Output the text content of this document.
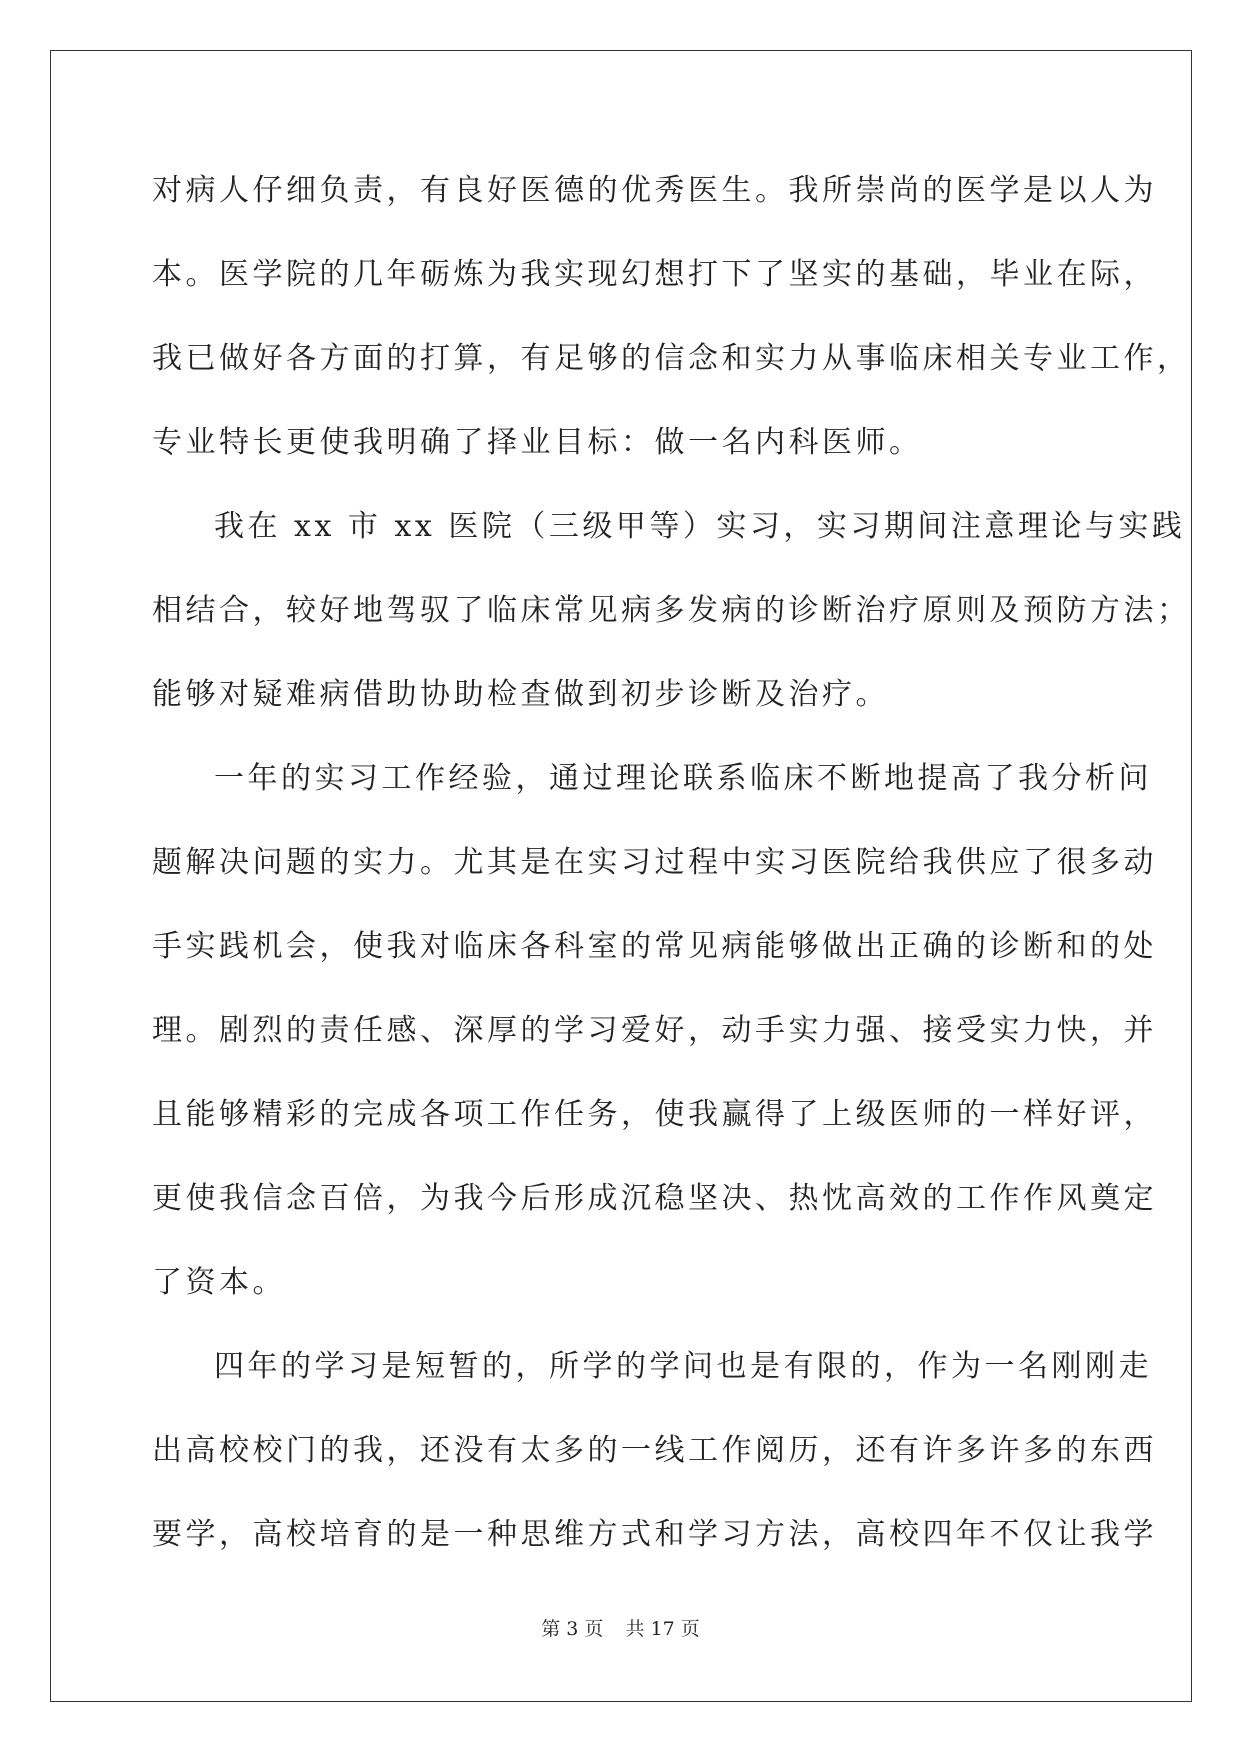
对病人仔细负责，有良好医德的优秀医生。我所崇尚的医学是以人为
本。医学院的几年砺炼为我实现幻想打下了坚实的基础，毕业在际，
我已做好各方面的打算，有足够的信念和实力从事临床相关专业工作，
专业特长更使我明确了择业目标：做一名内科医师。
我在 xx 市 xx 医院（三级甲等）实习，实习期间注意理论与实践
相结合，较好地驾驭了临床常见病多发病的诊断治疗原则及预防方法；
能够对疑难病借助协助检查做到初步诊断及治疗。
一年的实习工作经验，通过理论联系临床不断地提高了我分析问
题解决问题的实力。尤其是在实习过程中实习医院给我供应了很多动
手实践机会，使我对临床各科室的常见病能够做出正确的诊断和的处
理。剧烈的责任感、深厚的学习爱好，动手实力强、接受实力快，并
且能够精彩的完成各项工作任务，使我赢得了上级医师的一样好评，
更使我信念百倍，为我今后形成沉稳坚决、热忱高效的工作作风奠定
了资本。
四年的学习是短暂的，所学的学问也是有限的，作为一名刚刚走
出高校校门的我，还没有太多的一线工作阅历，还有许多许多的东西
要学，高校培育的是一种思维方式和学习方法，高校四年不仅让我学
第 3 页 共 17 页
